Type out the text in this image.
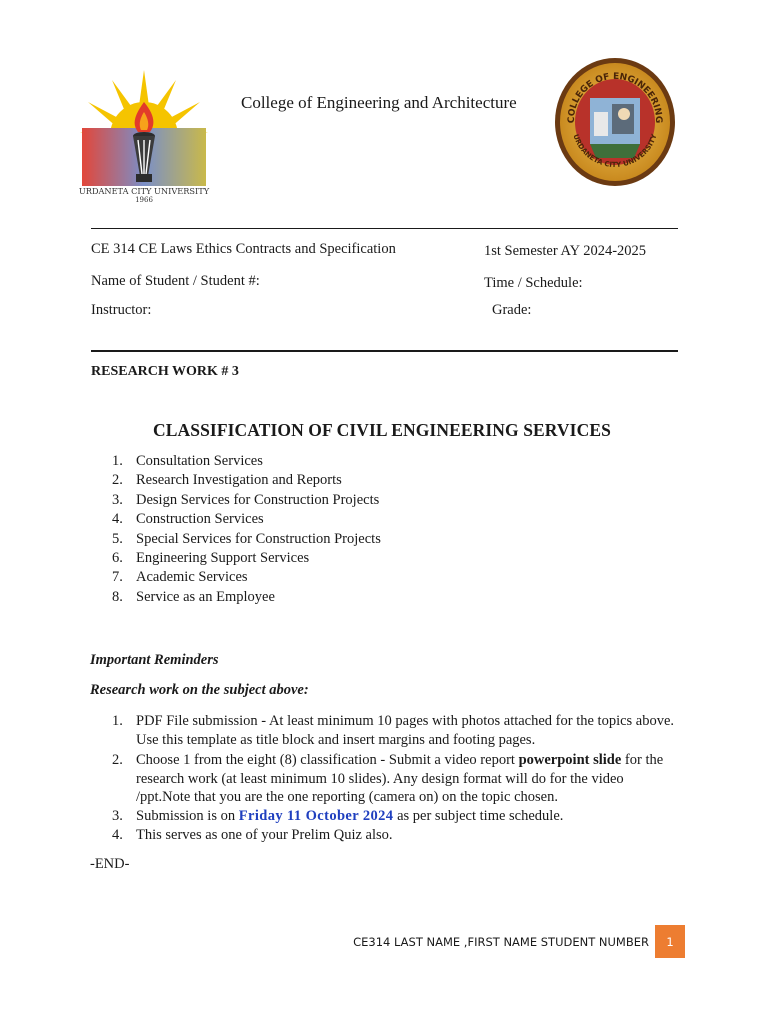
URDANETA CITY UNIVERSITY
1966
College of Engineering and Architecture
COLLEGE OF ENGINEERING
URDANETA CITY UNIVERSITY
CE 314 CE Laws Ethics Contracts and Specification	1st Semester AY 2024-2025
Name of Student / Student #:	Time / Schedule:
Instructor:	Grade:
RESEARCH WORK # 3
CLASSIFICATION OF CIVIL ENGINEERING SERVICES
1. Consultation Services
2. Research Investigation and Reports
3. Design Services for Construction Projects
4. Construction Services
5. Special Services for Construction Projects
6. Engineering Support Services
7. Academic Services
8. Service as an Employee
Important Reminders
Research work on the subject above:
1. PDF File submission - At least minimum 10 pages with photos attached for the topics above. Use this template as title block and insert margins and footing pages.
2. Choose 1 from the eight (8) classification - Submit a video report powerpoint slide for the research work (at least minimum 10 slides). Any design format will do for the video /ppt.Note that you are the one reporting (camera on) on the topic chosen.
3. Submission is on Friday 11 October 2024 as per subject time schedule.
4. This serves as one of your Prelim Quiz also.
-END-
CE314 LAST NAME ,FIRST NAME STUDENT NUMBER	1
